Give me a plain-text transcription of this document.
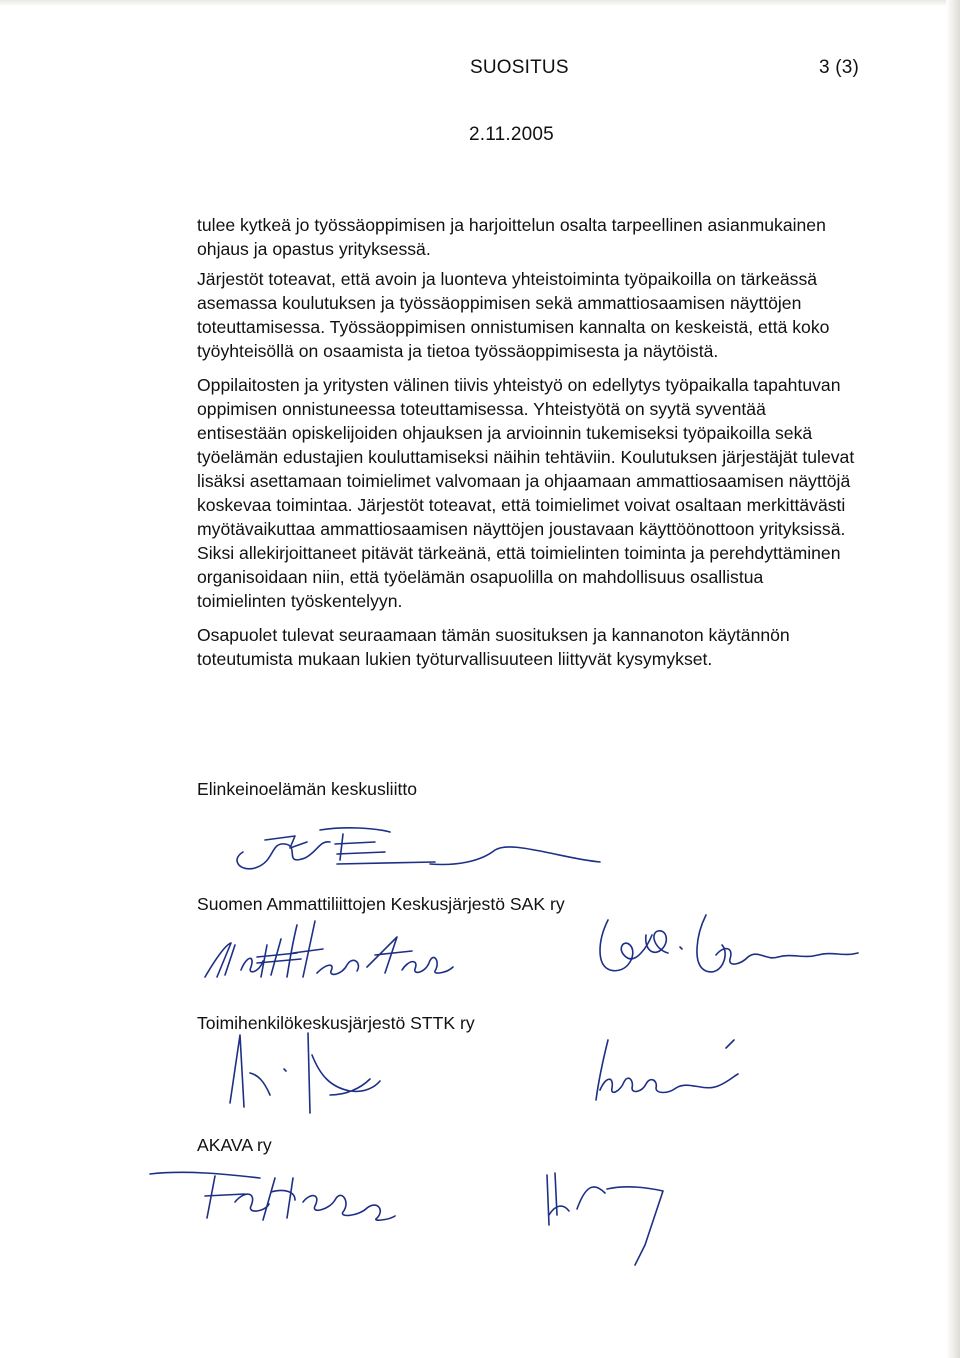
SUOSITUS	3 (3)
2.11.2005

tulee kytkeä jo työssäoppimisen ja harjoittelun osalta tarpeellinen asianmukainen ohjaus ja opastus yrityksessä.

Järjestöt toteavat, että avoin ja luonteva yhteistoiminta työpaikoilla on tärkeässä asemassa koulutuksen ja työssäoppimisen sekä ammattiosaamisen näyttöjen toteuttamisessa. Työssäoppimisen onnistumisen kannalta on keskeistä, että koko työyhteisöllä on osaamista ja tietoa työssäoppimisesta ja näytöistä.

Oppilaitosten ja yritysten välinen tiivis yhteistyö on edellytys työpaikalla tapahtuvan oppimisen onnistuneessa toteuttamisessa. Yhteistyötä on syytä syventää entisestään opiskelijoiden ohjauksen ja arvioinnin tukemiseksi työpaikoilla sekä työelämän edustajien kouluttamiseksi näihin tehtäviin. Koulutuksen järjestäjät tulevat lisäksi asettamaan toimielimet valvomaan ja ohjaamaan ammattiosaamisen näyttöjä koskevaa toimintaa. Järjestöt toteavat, että toimielimet voivat osaltaan merkittävästi myötävaikuttaa ammattiosaamisen näyttöjen joustavaan käyttöönottoon yrityksissä. Siksi allekirjoittaneet pitävät tärkeänä, että toimielinten toiminta ja perehdyttäminen organisoidaan niin, että työelämän osapuolilla on mahdollisuus osallistua toimielinten työskentelyyn.

Osapuolet tulevat seuraamaan tämän suosituksen ja kannanoton käytännön toteutumista mukaan lukien työturvallisuuteen liittyvät kysymykset.

Elinkeinoelämän keskusliitto
Suomen Ammattiliittojen Keskusjärjestö SAK ry
Toimihenkilökeskusjärjestö STTK ry
AKAVA ry
